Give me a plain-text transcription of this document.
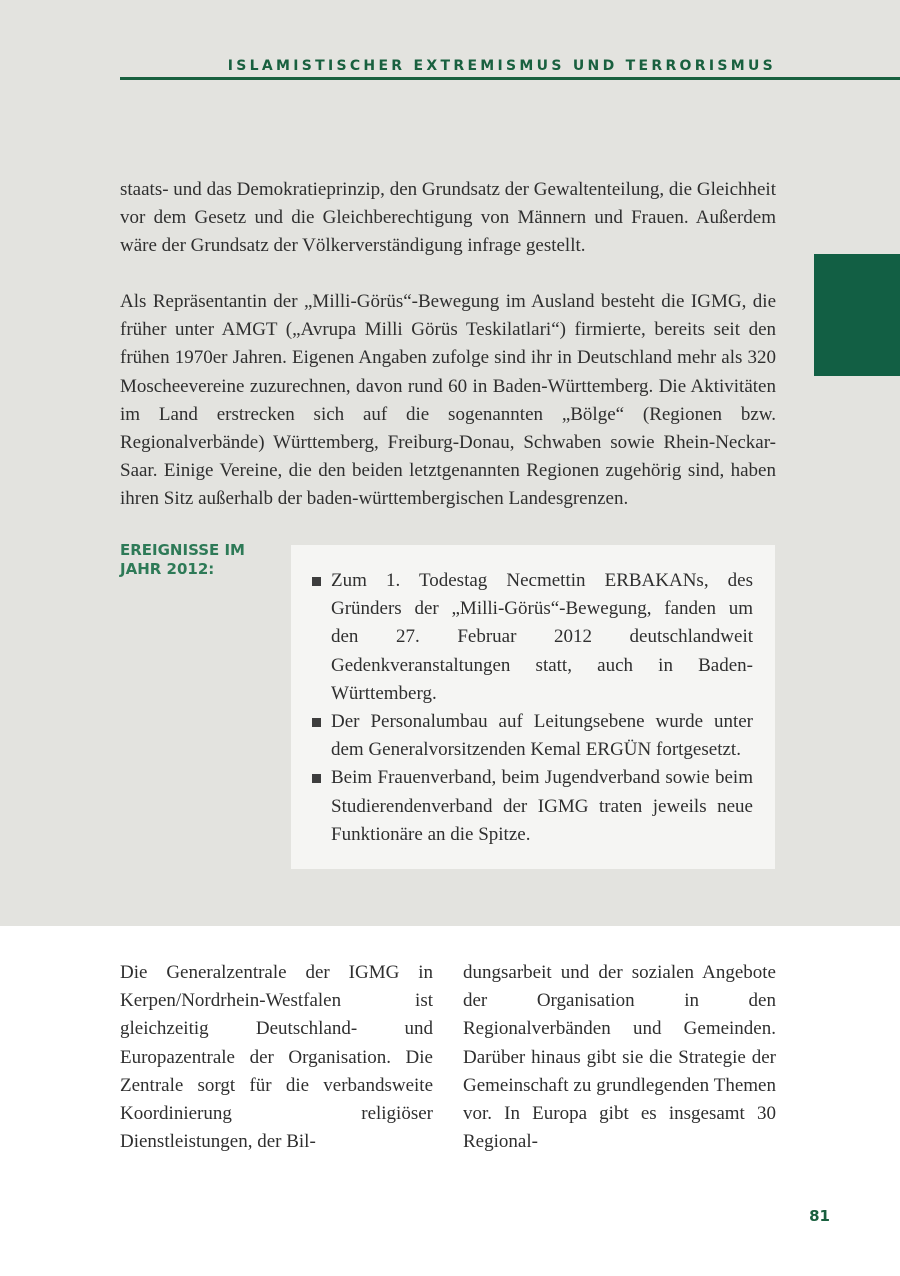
ISLAMISTISCHER EXTREMISMUS UND TERRORISMUS

staats- und das Demokratieprinzip, den Grundsatz der Gewaltenteilung, die Gleichheit vor dem Gesetz und die Gleichberechtigung von Männern und Frauen. Außerdem wäre der Grundsatz der Völkerverständigung infrage gestellt.

Als Repräsentantin der „Milli-Görüs“-Bewegung im Ausland besteht die IGMG, die früher unter AMGT („Avrupa Milli Görüs Teskilatlari“) firmierte, bereits seit den frühen 1970er Jahren. Eigenen Angaben zufolge sind ihr in Deutschland mehr als 320 Moscheevereine zuzurechnen, davon rund 60 in Baden-Württemberg. Die Aktivitäten im Land erstrecken sich auf die sogenannten „Bölge“ (Regionen bzw. Regionalverbände) Württemberg, Freiburg-Donau, Schwaben sowie Rhein-Neckar-Saar. Einige Vereine, die den beiden letztgenannten Regionen zugehörig sind, haben ihren Sitz außerhalb der baden-württembergischen Landesgrenzen.

EREIGNISSE IM JAHR 2012:
Zum 1. Todestag Necmettin ERBAKANs, des Gründers der „Milli-Görüs“-Bewegung, fanden um den 27. Februar 2012 deutschlandweit Gedenkveranstaltungen statt, auch in Baden-Württemberg.
Der Personalumbau auf Leitungsebene wurde unter dem Generalvorsitzenden Kemal ERGÜN fortgesetzt.
Beim Frauenverband, beim Jugendverband sowie beim Studierendenverband der IGMG traten jeweils neue Funktionäre an die Spitze.

Die Generalzentrale der IGMG in Kerpen/Nordrhein-Westfalen ist gleichzeitig Deutschland- und Europazentrale der Organisation. Die Zentrale sorgt für die verbandsweite Koordinierung religiöser Dienstleistungen, der Bil-

dungsarbeit und der sozialen Angebote der Organisation in den Regionalverbänden und Gemeinden. Darüber hinaus gibt sie die Strategie der Gemeinschaft zu grundlegenden Themen vor. In Europa gibt es insgesamt 30 Regional-

81
